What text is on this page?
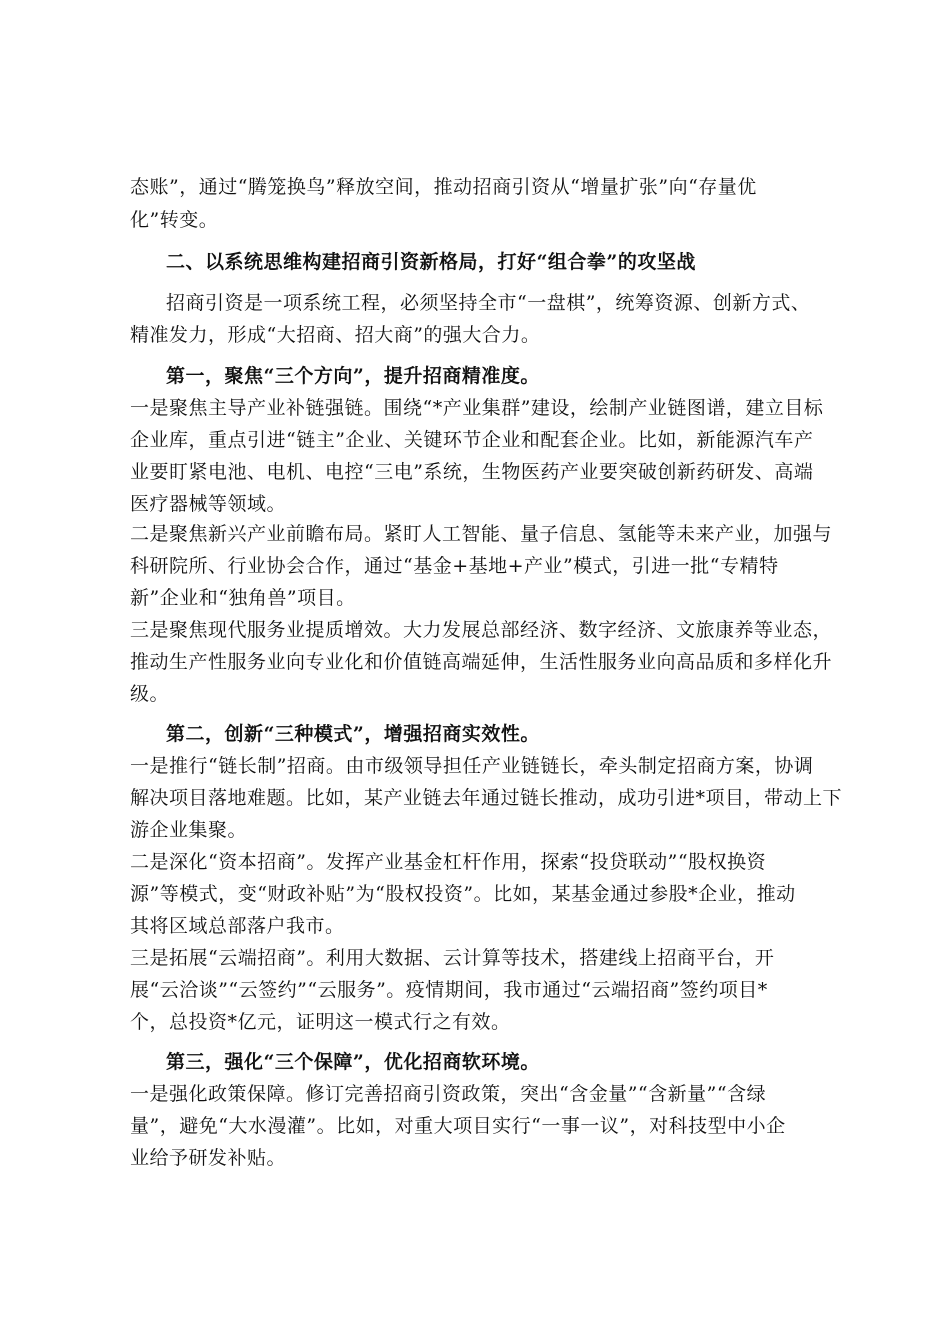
态账”，通过“腾笼换鸟”释放空间，推动招商引资从“增量扩张”向“存量优
化”转变。
二、以系统思维构建招商引资新格局，打好“组合拳”的攻坚战
招商引资是一项系统工程，必须坚持全市“一盘棋”，统筹资源、创新方式、
精准发力，形成“大招商、招大商”的强大合力。
第一，聚焦“三个方向”，提升招商精准度。
一是聚焦主导产业补链强链。围绕“*产业集群”建设，绘制产业链图谱，建立目标
企业库，重点引进“链主”企业、关键环节企业和配套企业。比如，新能源汽车产
业要盯紧电池、电机、电控“三电”系统，生物医药产业要突破创新药研发、高端
医疗器械等领域。
二是聚焦新兴产业前瞻布局。紧盯人工智能、量子信息、氢能等未来产业，加强与
科研院所、行业协会合作，通过“基金+基地+产业”模式，引进一批“专精特
新”企业和“独角兽”项目。
三是聚焦现代服务业提质增效。大力发展总部经济、数字经济、文旅康养等业态，
推动生产性服务业向专业化和价值链高端延伸，生活性服务业向高品质和多样化升
级。
第二，创新“三种模式”，增强招商实效性。
一是推行“链长制”招商。由市级领导担任产业链链长，牵头制定招商方案，协调
解决项目落地难题。比如，某产业链去年通过链长推动，成功引进*项目，带动上下
游企业集聚。
二是深化“资本招商”。发挥产业基金杠杆作用，探索“投贷联动”“股权换资
源”等模式，变“财政补贴”为“股权投资”。比如，某基金通过参股*企业，推动
其将区域总部落户我市。
三是拓展“云端招商”。利用大数据、云计算等技术，搭建线上招商平台，开
展“云洽谈”“云签约”“云服务”。疫情期间，我市通过“云端招商”签约项目*
个，总投资*亿元，证明这一模式行之有效。
第三，强化“三个保障”，优化招商软环境。
一是强化政策保障。修订完善招商引资政策，突出“含金量”“含新量”“含绿
量”，避免“大水漫灌”。比如，对重大项目实行“一事一议”，对科技型中小企
业给予研发补贴。
